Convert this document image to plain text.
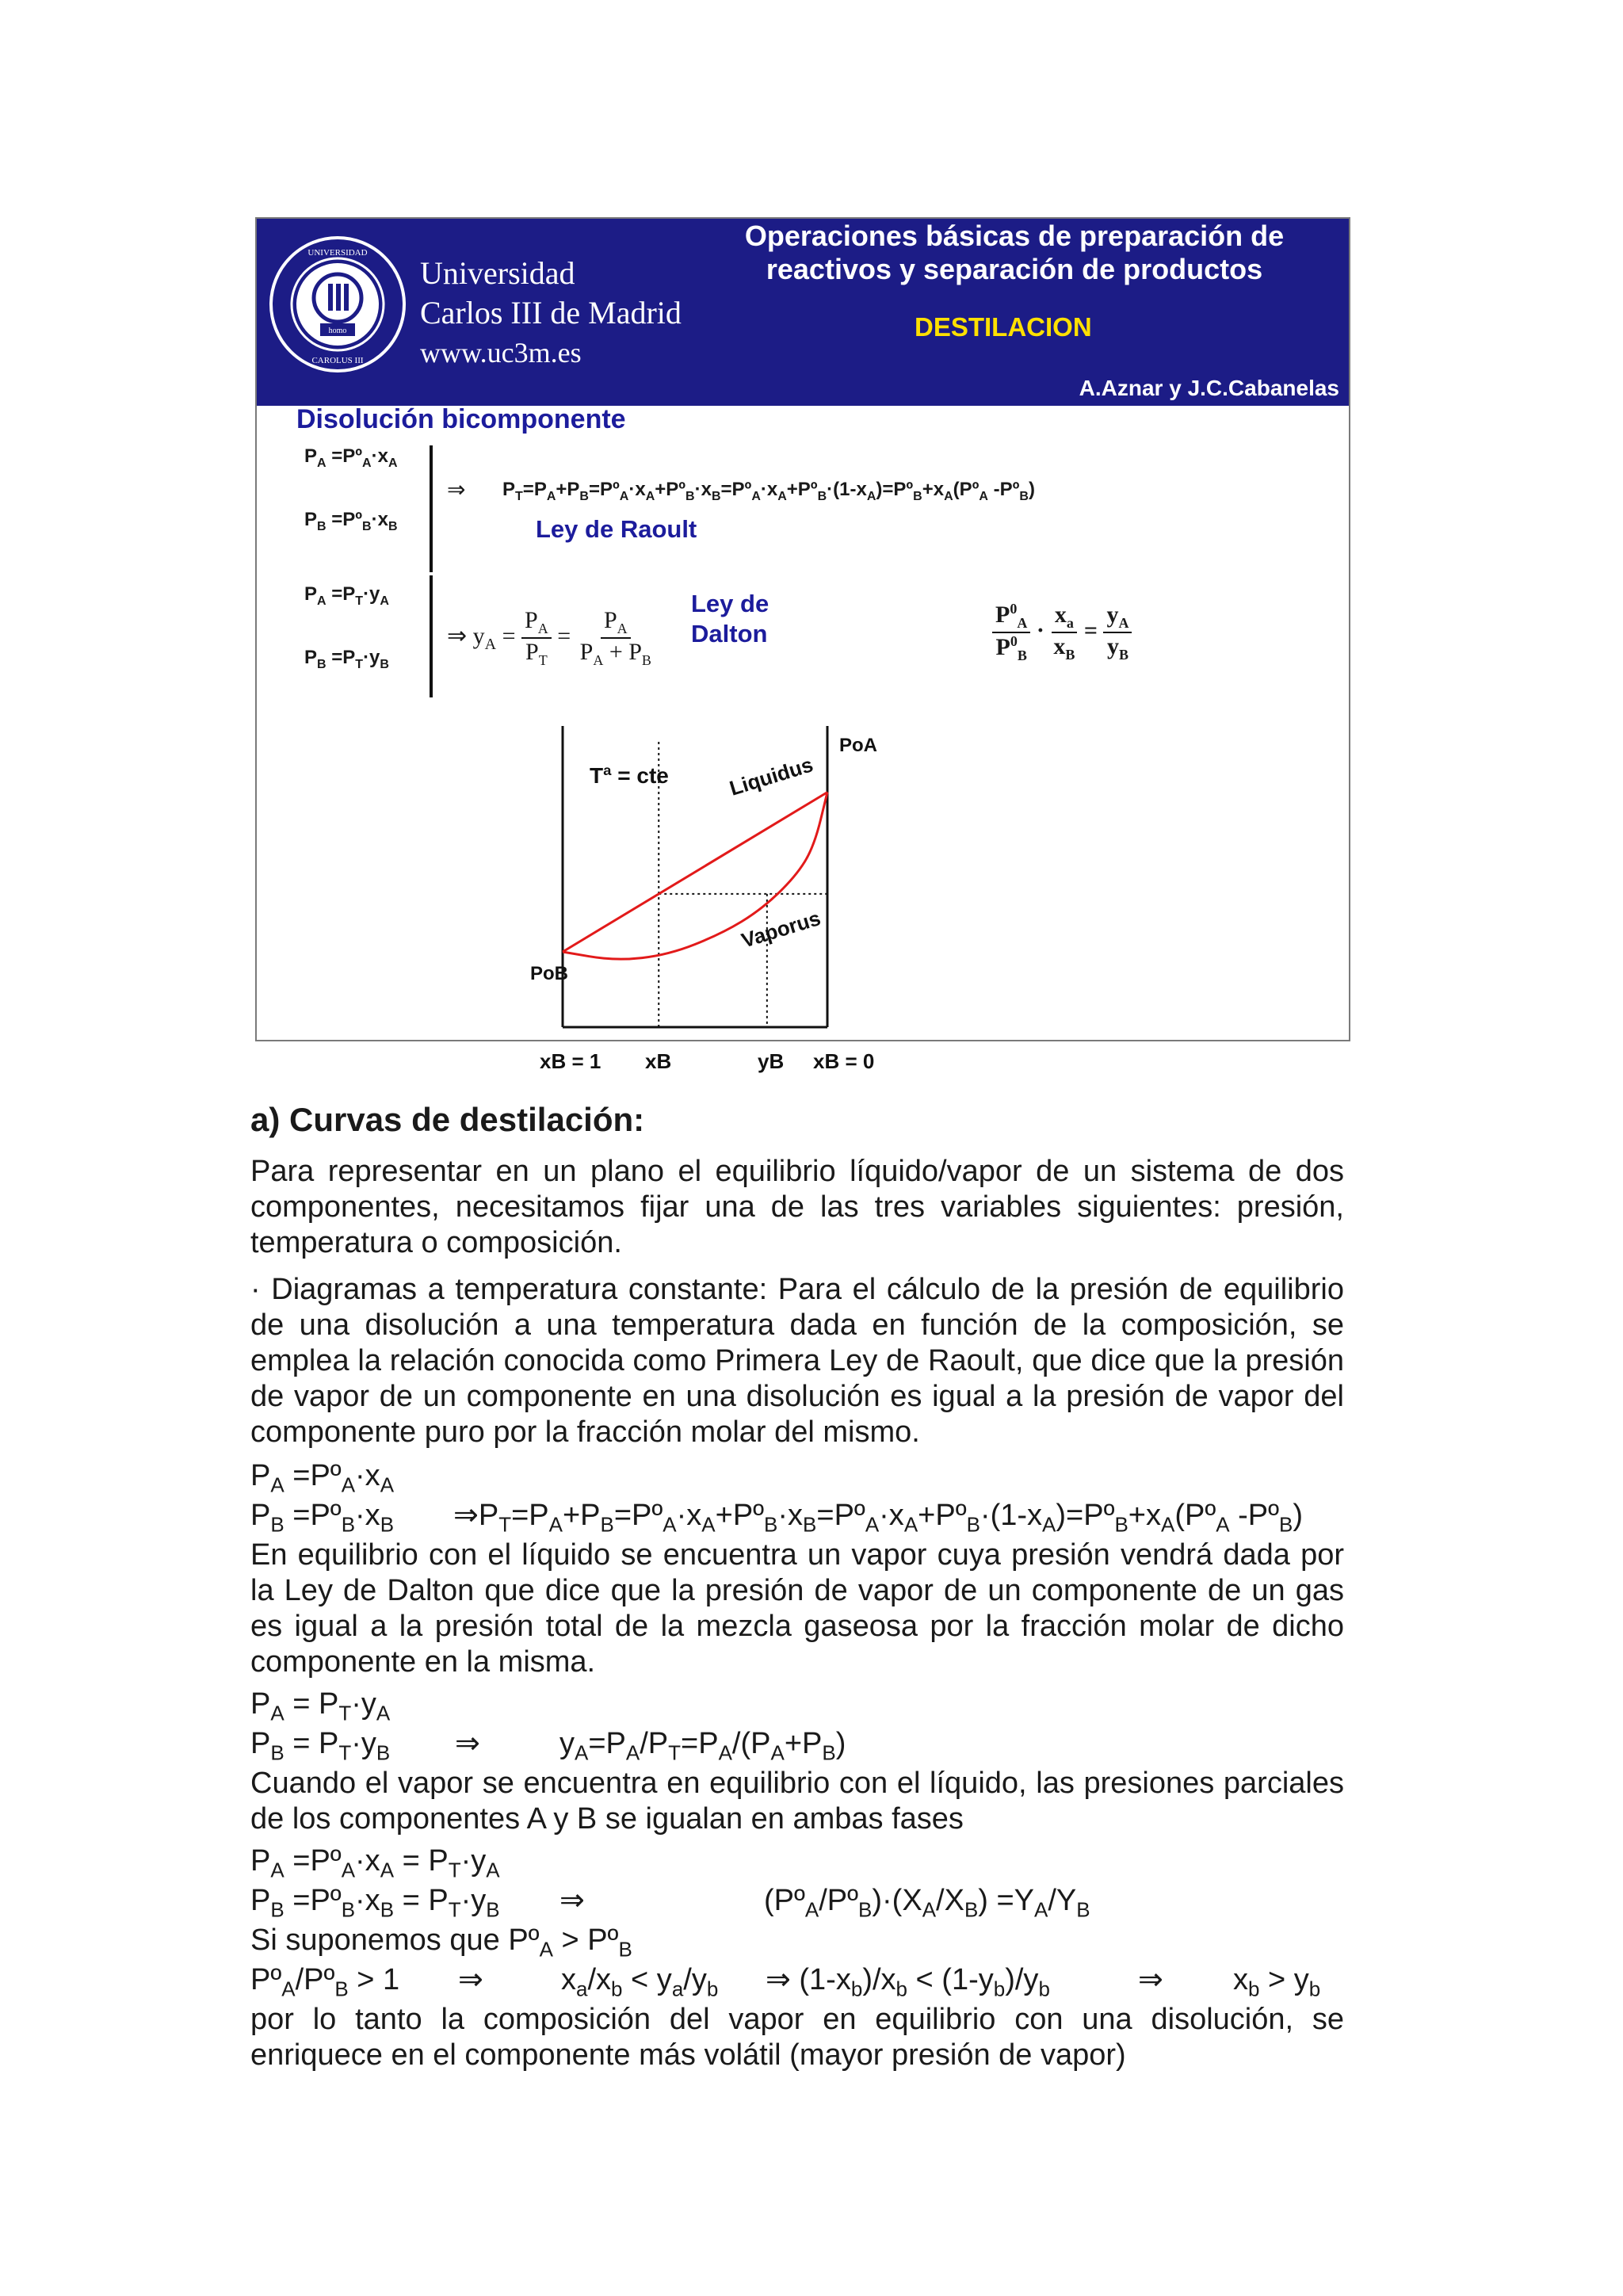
homo
UNIVERSIDAD
CAROLUS III
Universidad
Carlos III de Madrid
www.uc3m.es
Operaciones básicas de preparación de
reactivos y separación de productos
DESTILACION
A.Aznar y J.C.Cabanelas
Disolución bicomponente
$P_A$ $=Pº_A\cdot x_A$
$P_B$ $=Pº_B\cdot x_B$
⇒ $P_T=P_A+P_B=Pº_A\cdot x_A+Pº_B\cdot x_B=Pº_A\cdot x_A+Pº_B\cdot(1-x_A)=Pº_B+x_A(Pº_A$ -Pº$_B$)
Ley de Raoult
$P_A =P_T\cdot y_A$
$P_B =P_T\cdot y_B$
⇒ $y_A = \frac{P_A}{P_T} = \frac{P_A}{P_A + P_B}$
Ley de
Dalton	$\frac{P^0_A}{P^0_B} \cdot \frac{x_a}{x_B} = \frac{y_A}{y_B}$
Tª = cte
PoB
PoA
Liquidus
Vaporus
xB = 1 xB	yB xB = 0
a) Curvas de destilación:

Para representar en un plano el equilibrio líquido/vapor de un sistema de dos componentes, necesitamos fijar una de las tres variables siguientes: presión, temperatura o composición.

· Diagramas a temperatura constante: Para el cálculo de la presión de equilibrio de una disolución a una temperatura dada en función de la composición, se emplea la relación conocida como Primera Ley de Raoult, que dice que la presión de vapor de un componente en una disolución es igual a la presión de vapor del componente puro por la fracción molar del mismo.

$P_A$ $=Pº_A\cdot x_A$
$P_B$ $=Pº_B\cdot x_B$ $\Rightarrow P_T=P_A+P_B=Pº_A\cdot x_A+Pº_B\cdot x_B=Pº_A\cdot x_A+Pº_B\cdot(1-x_A)=Pº_B+x_A(Pº_A$ -Pº$_B$)

En equilibrio con el líquido se encuentra un vapor cuya presión vendrá dada por la Ley de Dalton que dice que la presión de vapor de un componente de un gas es igual a la presión total de la mezcla gaseosa por la fracción molar de dicho componente en la misma.

$P_A = P_T\cdot y_A$
$P_B = P_T\cdot y_B$ ⇒	$y_A=P_A/P_T=P_A/(P_A+P_B)$

Cuando el vapor se encuentra en equilibrio con el líquido, las presiones parciales de los componentes A y B se igualan en ambas fases

$P_A$ $=Pº_A\cdot x_A = P_T\cdot y_A$
$P_B$ $=Pº_B\cdot x_B = P_T\cdot y_B$ ⇒	$(Pº_A/Pº_B)\cdot(X_A/X_B) =Y_A/Y_B$
Si suponemos que Pº$_A$ > Pº$_B$
Pº$_A$/Pº$_B$ > 1 ⇒	$x_a/x_b < y_a/y_b$ ⇒ $(1-x_b)/x_b < (1-y_b)/y_b$	⇒ $x_b > y_b$

por lo tanto la composición del vapor en equilibrio con una disolución, se enriquece en el componente más volátil (mayor presión de vapor)
